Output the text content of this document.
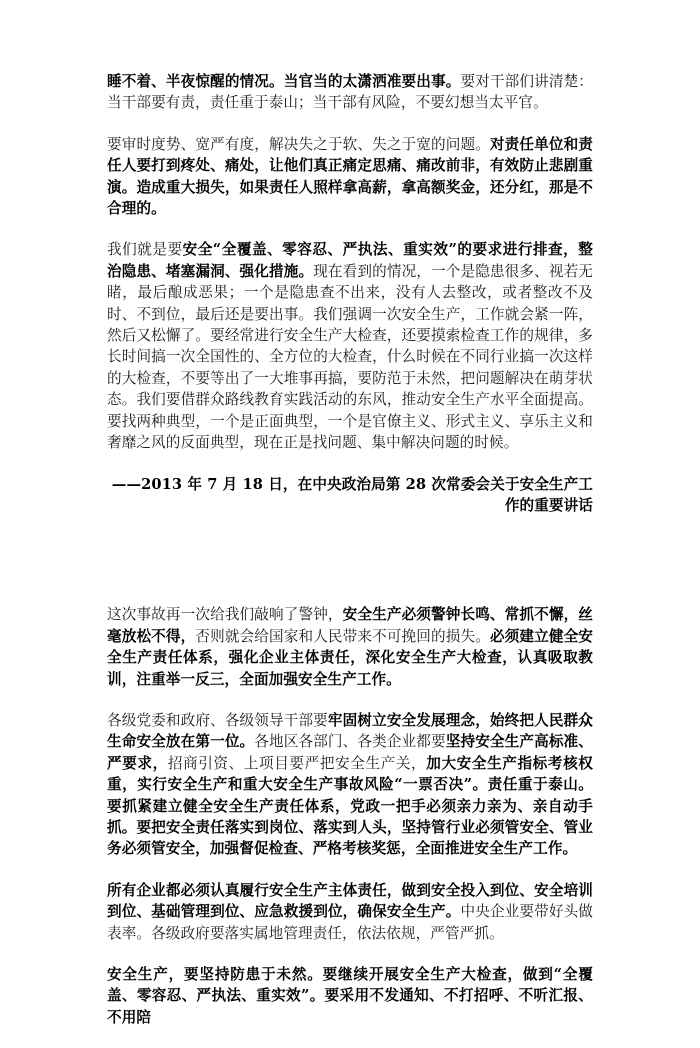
睡不着、半夜惊醒的情况。当官当的太潇洒准要出事。要对干部们讲清楚：当干部要有责，责任重于泰山；当干部有风险，不要幻想当太平官。

要审时度势、宽严有度，解决失之于软、失之于宽的问题。对责任单位和责任人要打到疼处、痛处，让他们真正痛定思痛、痛改前非，有效防止悲剧重演。造成重大损失，如果责任人照样拿高薪，拿高额奖金，还分红，那是不合理的。

我们就是要安全“全覆盖、零容忍、严执法、重实效”的要求进行排查，整治隐患、堵塞漏洞、强化措施。现在看到的情况，一个是隐患很多、视若无睹，最后酿成恶果；一个是隐患查不出来，没有人去整改，或者整改不及时、不到位，最后还是要出事。我们强调一次安全生产，工作就会紧一阵，然后又松懈了。要经常进行安全生产大检查，还要摸索检查工作的规律，多长时间搞一次全国性的、全方位的大检查，什么时候在不同行业搞一次这样的大检查，不要等出了一大堆事再搞，要防范于未然，把问题解决在萌芽状态。我们要借群众路线教育实践活动的东风，推动安全生产水平全面提高。要找两种典型，一个是正面典型，一个是官僚主义、形式主义、享乐主义和奢靡之风的反面典型，现在正是找问题、集中解决问题的时候。

——2013 年 7 月 18 日，在中央政治局第 28 次常委会关于安全生产工作的重要讲话

这次事故再一次给我们敲响了警钟，安全生产必须警钟长鸣、常抓不懈，丝毫放松不得，否则就会给国家和人民带来不可挽回的损失。必须建立健全安全生产责任体系，强化企业主体责任，深化安全生产大检查，认真吸取教训，注重举一反三，全面加强安全生产工作。

各级党委和政府、各级领导干部要牢固树立安全发展理念，始终把人民群众生命安全放在第一位。各地区各部门、各类企业都要坚持安全生产高标准、严要求，招商引资、上项目要严把安全生产关，加大安全生产指标考核权重，实行安全生产和重大安全生产事故风险“一票否决”。责任重于泰山。要抓紧建立健全安全生产责任体系，党政一把手必须亲力亲为、亲自动手抓。要把安全责任落实到岗位、落实到人头，坚持管行业必须管安全、管业务必须管安全，加强督促检查、严格考核奖惩，全面推进安全生产工作。

所有企业都必须认真履行安全生产主体责任，做到安全投入到位、安全培训到位、基础管理到位、应急救援到位，确保安全生产。中央企业要带好头做表率。各级政府要落实属地管理责任，依法依规，严管严抓。

安全生产，要坚持防患于未然。要继续开展安全生产大检查，做到“全覆盖、零容忍、严执法、重实效”。要采用不发通知、不打招呼、不听汇报、不用陪
